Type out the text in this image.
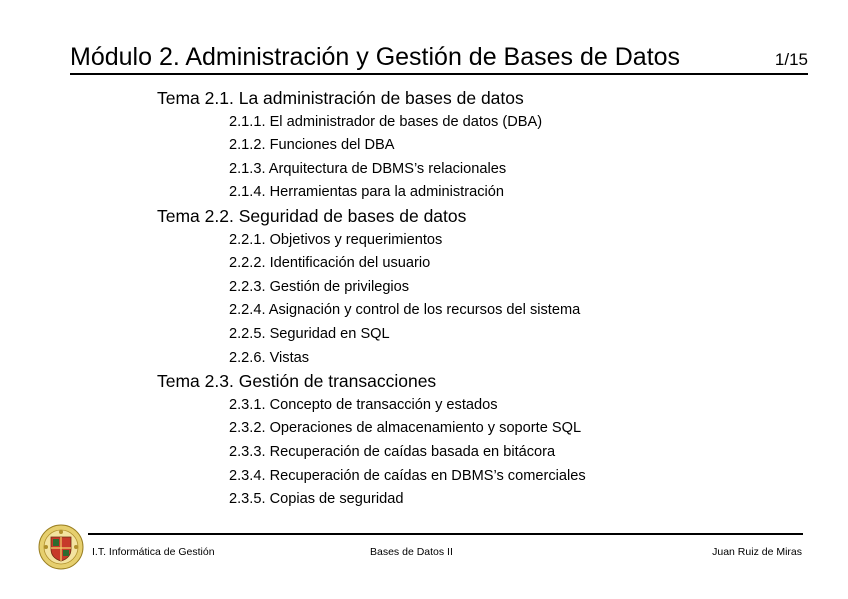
Módulo 2. Administración y Gestión de Bases de Datos	1/15
Tema 2.1. La administración de bases de datos
2.1.1. El administrador de bases de datos (DBA)
2.1.2. Funciones del DBA
2.1.3. Arquitectura de DBMS’s relacionales
2.1.4. Herramientas para la administración
Tema 2.2. Seguridad de bases de datos
2.2.1. Objetivos y requerimientos
2.2.2. Identificación del usuario
2.2.3. Gestión de privilegios
2.2.4. Asignación y control de los recursos del sistema
2.2.5. Seguridad en SQL
2.2.6. Vistas
Tema 2.3. Gestión de transacciones
2.3.1. Concepto de transacción y estados
2.3.2. Operaciones de almacenamiento y soporte SQL
2.3.3. Recuperación de caídas basada en bitácora
2.3.4. Recuperación de caídas en DBMS’s comerciales
2.3.5. Copias de seguridad
I.T. Informática de Gestión	Bases de Datos II	Juan Ruiz de Miras
